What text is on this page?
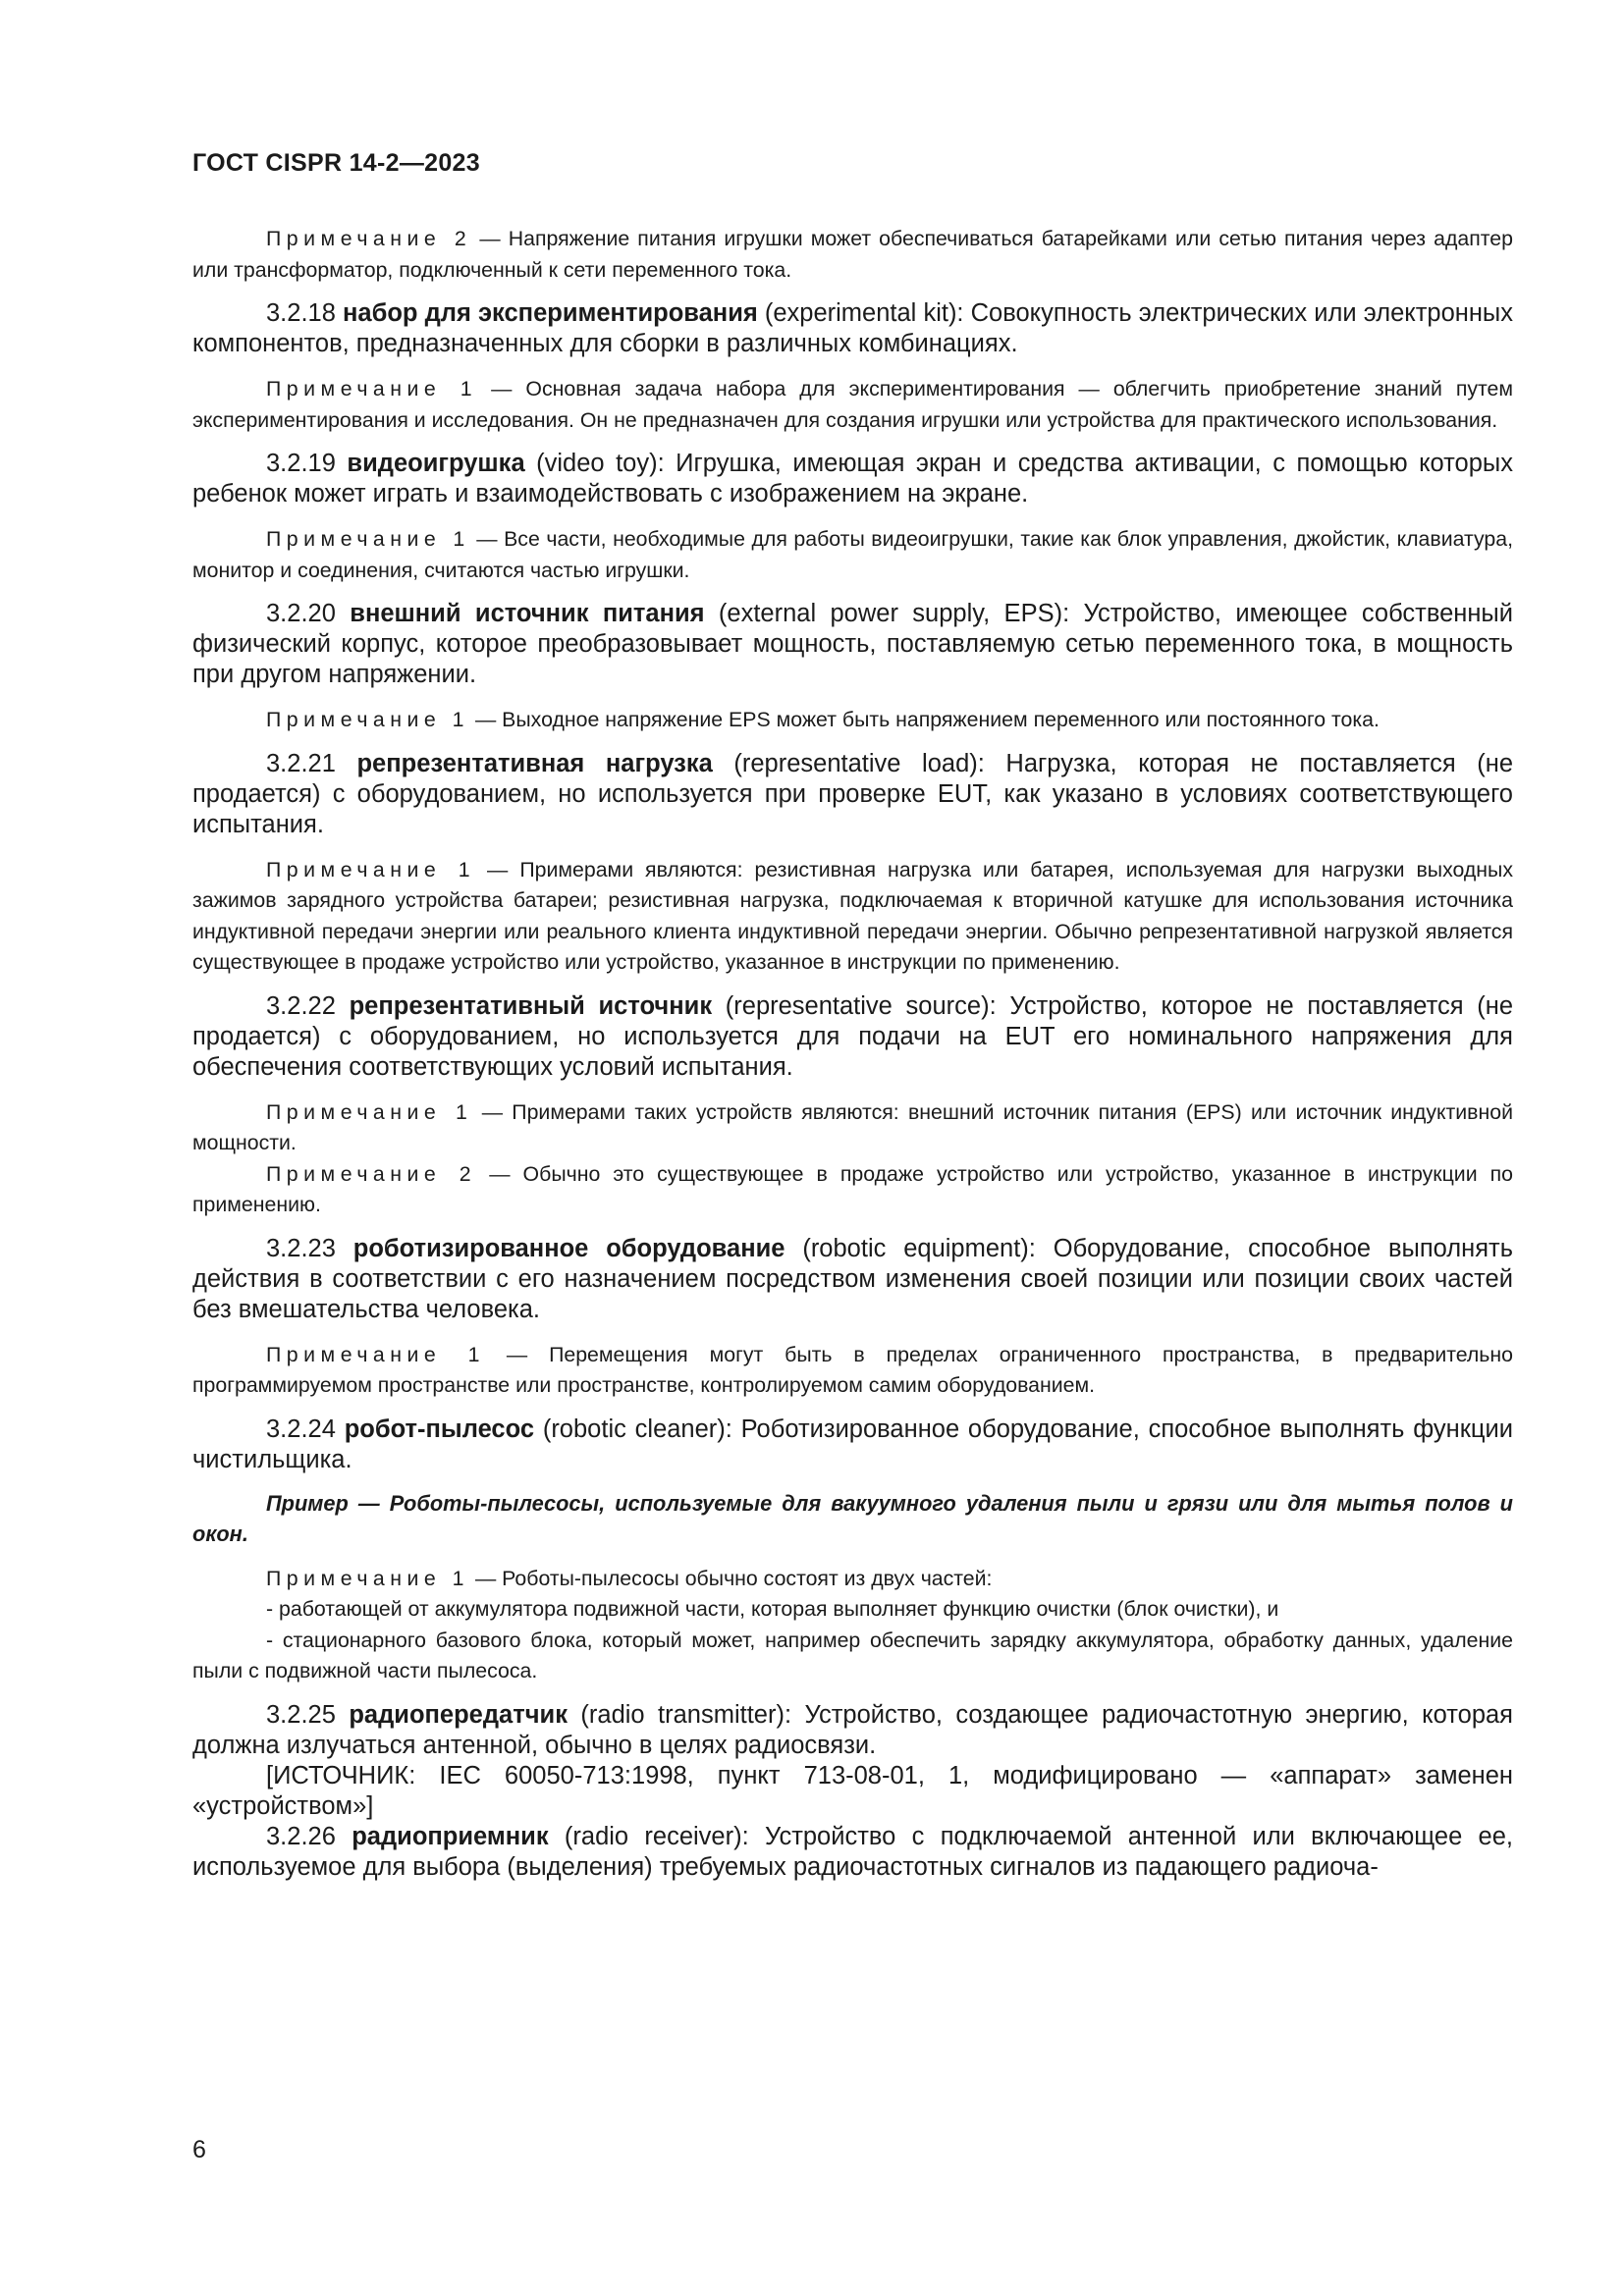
ГОСТ CISPR 14-2—2023

Примечание 2 — Напряжение питания игрушки может обеспечиваться батарейками или сетью питания через адаптер или трансформатор, подключенный к сети переменного тока.

3.2.18 набор для экспериментирования (experimental kit): Совокупность электрических или электронных компонентов, предназначенных для сборки в различных комбинациях.

Примечание 1 — Основная задача набора для экспериментирования — облегчить приобретение знаний путем экспериментирования и исследования. Он не предназначен для создания игрушки или устройства для практического использования.

3.2.19 видеоигрушка (video toy): Игрушка, имеющая экран и средства активации, с помощью которых ребенок может играть и взаимодействовать с изображением на экране.

Примечание 1 — Все части, необходимые для работы видеоигрушки, такие как блок управления, джойстик, клавиатура, монитор и соединения, считаются частью игрушки.

3.2.20 внешний источник питания (external power supply, EPS): Устройство, имеющее собственный физический корпус, которое преобразовывает мощность, поставляемую сетью переменного тока, в мощность при другом напряжении.

Примечание 1 — Выходное напряжение EPS может быть напряжением переменного или постоянного тока.

3.2.21 репрезентативная нагрузка (representative load): Нагрузка, которая не поставляется (не продается) с оборудованием, но используется при проверке EUT, как указано в условиях соответствующего испытания.

Примечание 1 — Примерами являются: резистивная нагрузка или батарея, используемая для нагрузки выходных зажимов зарядного устройства батареи; резистивная нагрузка, подключаемая к вторичной катушке для использования источника индуктивной передачи энергии или реального клиента индуктивной передачи энергии. Обычно репрезентативной нагрузкой является существующее в продаже устройство или устройство, указанное в инструкции по применению.

3.2.22 репрезентативный источник (representative source): Устройство, которое не поставляется (не продается) с оборудованием, но используется для подачи на EUT его номинального напряжения для обеспечения соответствующих условий испытания.

Примечание 1 — Примерами таких устройств являются: внешний источник питания (EPS) или источник индуктивной мощности.

Примечание 2 — Обычно это существующее в продаже устройство или устройство, указанное в инструкции по применению.

3.2.23 роботизированное оборудование (robotic equipment): Оборудование, способное выполнять действия в соответствии с его назначением посредством изменения своей позиции или позиции своих частей без вмешательства человека.

Примечание 1 — Перемещения могут быть в пределах ограниченного пространства, в предварительно программируемом пространстве или пространстве, контролируемом самим оборудованием.

3.2.24 робот-пылесос (robotic cleaner): Роботизированное оборудование, способное выполнять функции чистильщика.

Пример — Роботы-пылесосы, используемые для вакуумного удаления пыли и грязи или для мытья полов и окон.

Примечание 1 — Роботы-пылесосы обычно состоят из двух частей:

- работающей от аккумулятора подвижной части, которая выполняет функцию очистки (блок очистки), и

- стационарного базового блока, который может, например обеспечить зарядку аккумулятора, обработку данных, удаление пыли с подвижной части пылесоса.

3.2.25 радиопередатчик (radio transmitter): Устройство, создающее радиочастотную энергию, которая должна излучаться антенной, обычно в целях радиосвязи.

[ИСТОЧНИК: IEC 60050-713:1998, пункт 713-08-01, 1, модифицировано — «аппарат» заменен «устройством»]

3.2.26 радиоприемник (radio receiver): Устройство с подключаемой антенной или включающее ее, используемое для выбора (выделения) требуемых радиочастотных сигналов из падающего радиоча-

6
